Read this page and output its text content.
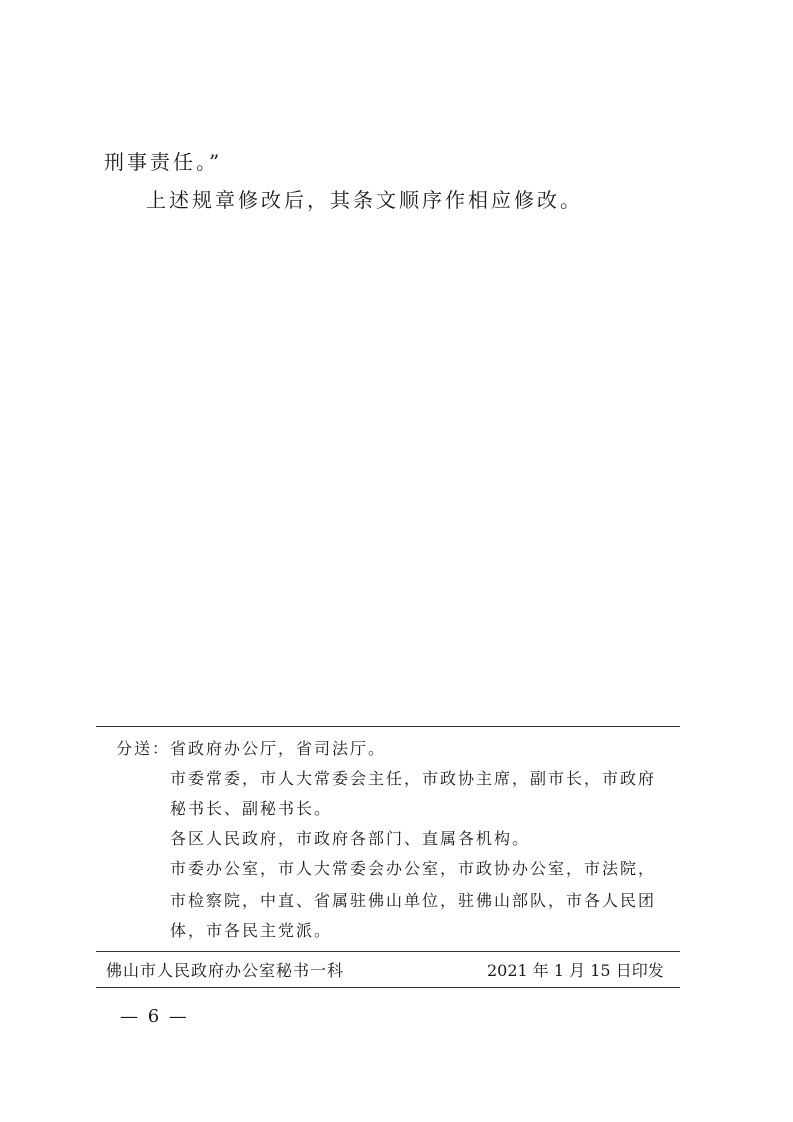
刑事责任。”
上述规章修改后，其条文顺序作相应修改。
分送： 省政府办公厅，省司法厅。
市委常委，市人大常委会主任，市政协主席，副市长，市政府
秘书长、副秘书长。
各区人民政府，市政府各部门、直属各机构。
市委办公室，市人大常委会办公室，市政协办公室，市法院，
市检察院，中直、省属驻佛山单位，驻佛山部队，市各人民团
体，市各民主党派。
佛山市人民政府办公室秘书一科	2021 年 1 月 15 日印发
— 6 —
